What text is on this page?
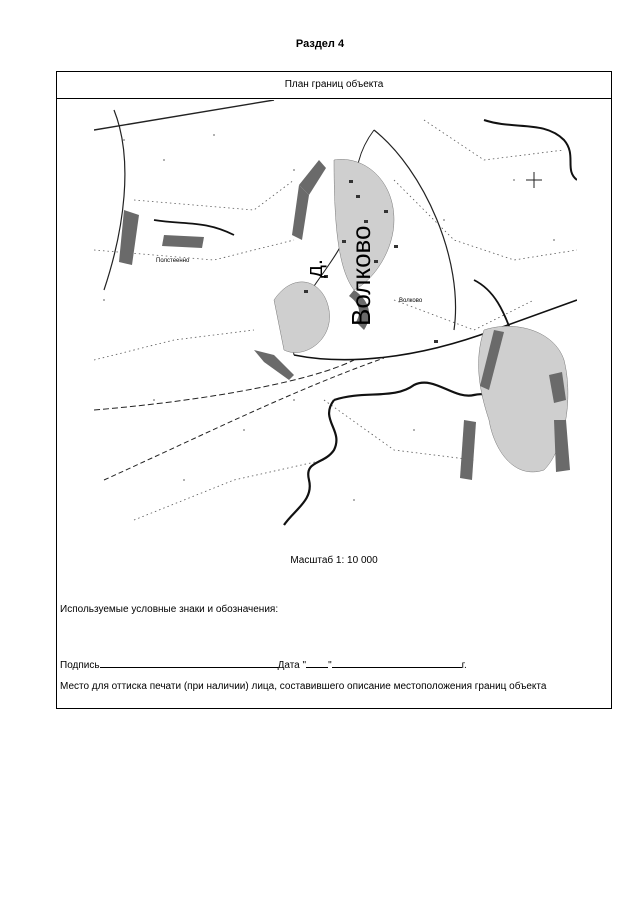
Раздел 4
План границ объекта
д. Волково	Волково
Полстеенно
Масштаб 1: 10 000
Используемые условные знаки и обозначения:
Подпись	Дата " "	г.
Место для оттиска печати (при наличии) лица, составившего описание местоположения границ объекта
